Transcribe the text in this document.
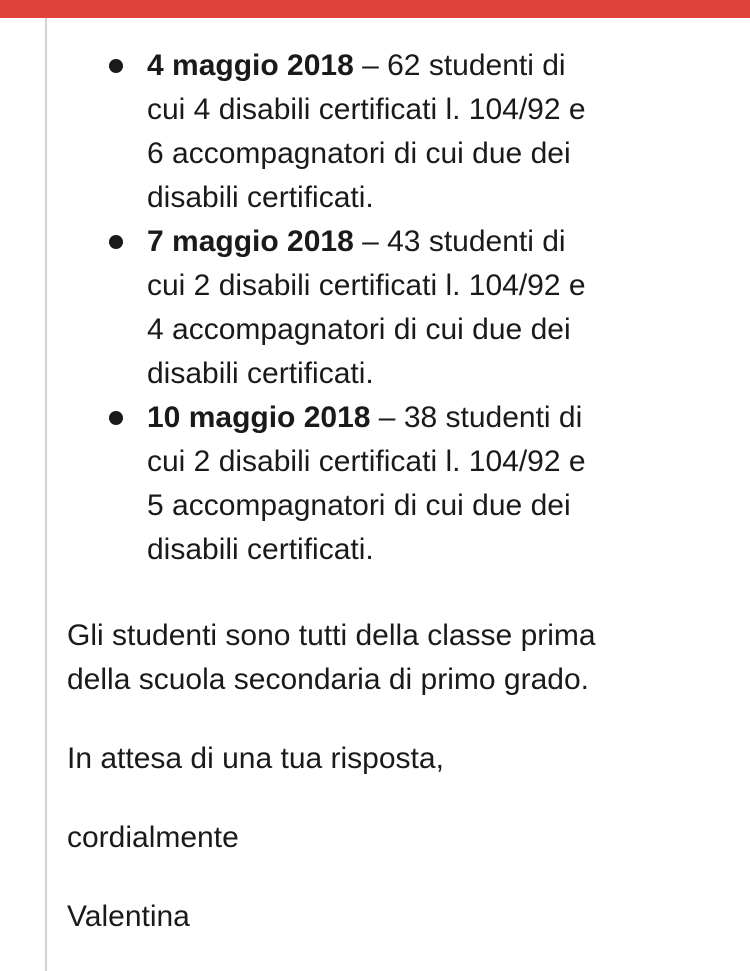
4 maggio 2018 – 62 studenti di
cui 4 disabili certificati l. 104/92 e
6 accompagnatori di cui due dei
disabili certificati.
7 maggio 2018 – 43 studenti di
cui 2 disabili certificati l. 104/92 e
4 accompagnatori di cui due dei
disabili certificati.
10 maggio 2018 – 38 studenti di
cui 2 disabili certificati l. 104/92 e
5 accompagnatori di cui due dei
disabili certificati.

Gli studenti sono tutti della classe prima
della scuola secondaria di primo grado.

In attesa di una tua risposta,

cordialmente

Valentina
